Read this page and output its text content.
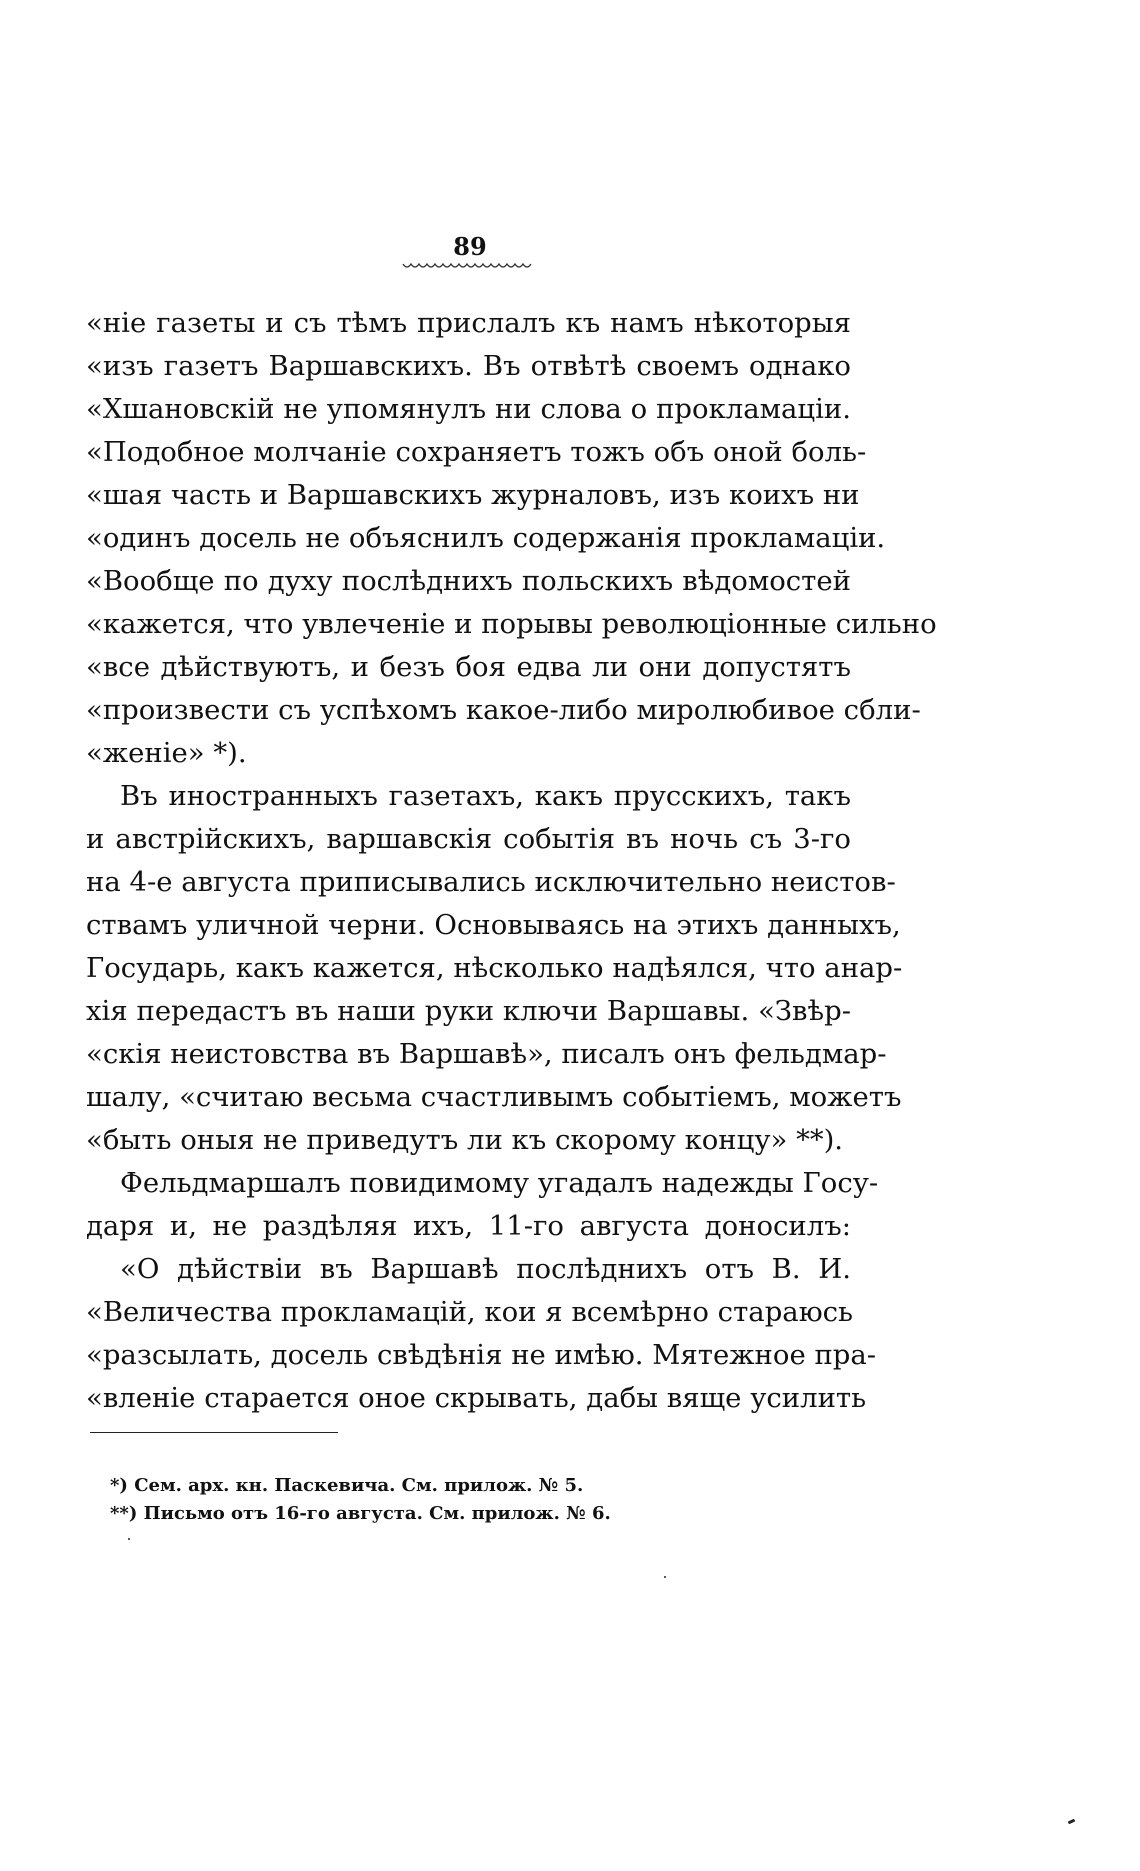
89
«ніе газеты и съ тѣмъ прислалъ къ намъ нѣкоторыя
«изъ газетъ Варшавскихъ. Въ отвѣтѣ своемъ однако
«Хшановскій не упомянулъ ни слова о прокламаціи.
«Подобное молчаніе сохраняетъ тожъ объ оной боль-
«шая часть и Варшавскихъ журналовъ, изъ коихъ ни
«одинъ досель не объяснилъ содержанія прокламаціи.
«Вообще по духу послѣднихъ польскихъ вѣдомостей
«кажется, что увлеченіе и порывы революціонные сильно
«все дѣйствуютъ, и безъ боя едва ли они допустятъ
«произвести съ успѣхомъ какое-либо миролюбивое сбли-
«женіе» *).
Въ иностранныхъ газетахъ, какъ прусскихъ, такъ
и австрійскихъ, варшавскія событія въ ночь съ 3-го
на 4-е августа приписывались исключительно неистов-
ствамъ уличной черни. Основываясь на этихъ данныхъ,
Государь, какъ кажется, нѣсколько надѣялся, что анар-
хія передастъ въ наши руки ключи Варшавы. «Звѣр-
«скія неистовства въ Варшавѣ», писалъ онъ фельдмар-
шалу, «считаю весьма счастливымъ событіемъ, можетъ
«быть оныя не приведутъ ли къ скорому концу» **).
Фельдмаршалъ повидимому угадалъ надежды Госу-
даря и, не раздѣляя ихъ, 11-го августа доносилъ:
«О дѣйствіи въ Варшавѣ послѣднихъ отъ В. И.
«Величества прокламацій, кои я всемѣрно стараюсь
«разсылать, досель свѣдѣнія не имѣю. Мятежное пра-
«вленіе старается оное скрывать, дабы вяще усилить
*) Сем. арх. кн. Паскевича. См. прилож. № 5.
**) Письмо отъ 16-го августа. См. прилож. № 6.
